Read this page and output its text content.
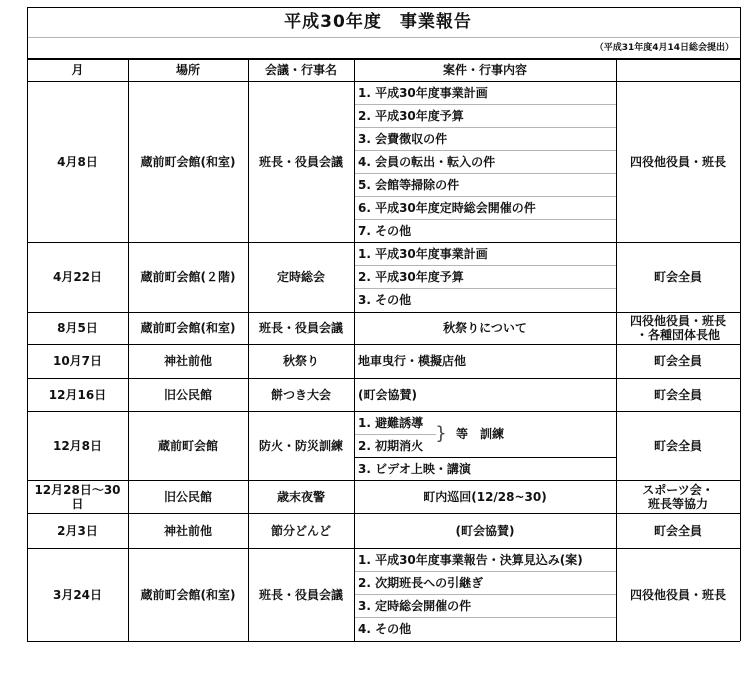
平成30年度　事業報告
（平成31年度4月14日総会提出）
月	場所	会議・行事名	案件・行事内容
4月8日	蔵前町会館(和室)	班長・役員会議
1. 平成30年度事業計画
2. 平成30年度予算
3. 会費徴収の件
4. 会員の転出・転入の件
5. 会館等掃除の件
6. 平成30年度定時総会開催の件
7. その他
四役他役員・班長
4月22日	蔵前町会館(２階)	定時総会
1. 平成30年度事業計画
2. 平成30年度予算
3. その他
町会全員
8月5日	蔵前町会館(和室)	班長・役員会議	秋祭りについて	四役他役員・班長
・各種団体長他
10月7日	神社前他	秋祭り	地車曳行・模擬店他	町会全員
12月16日	旧公民館	餅つき大会	(町会協賛)	町会全員
12月8日	蔵前町会館	防火・防災訓練
1. 避難誘導
2. 初期消火
3. ビデオ上映・講演
} 等　訓練
町会全員
12月28日～30日	旧公民館	歳末夜警	町内巡回(12/28~30)	スポーツ会・
班長等協力
2月3日	神社前他	節分どんど	(町会協賛)	町会全員
3月24日	蔵前町会館(和室)	班長・役員会議
1. 平成30年度事業報告・決算見込み(案)
2. 次期班長への引継ぎ
3. 定時総会開催の件
4. その他
四役他役員・班長
